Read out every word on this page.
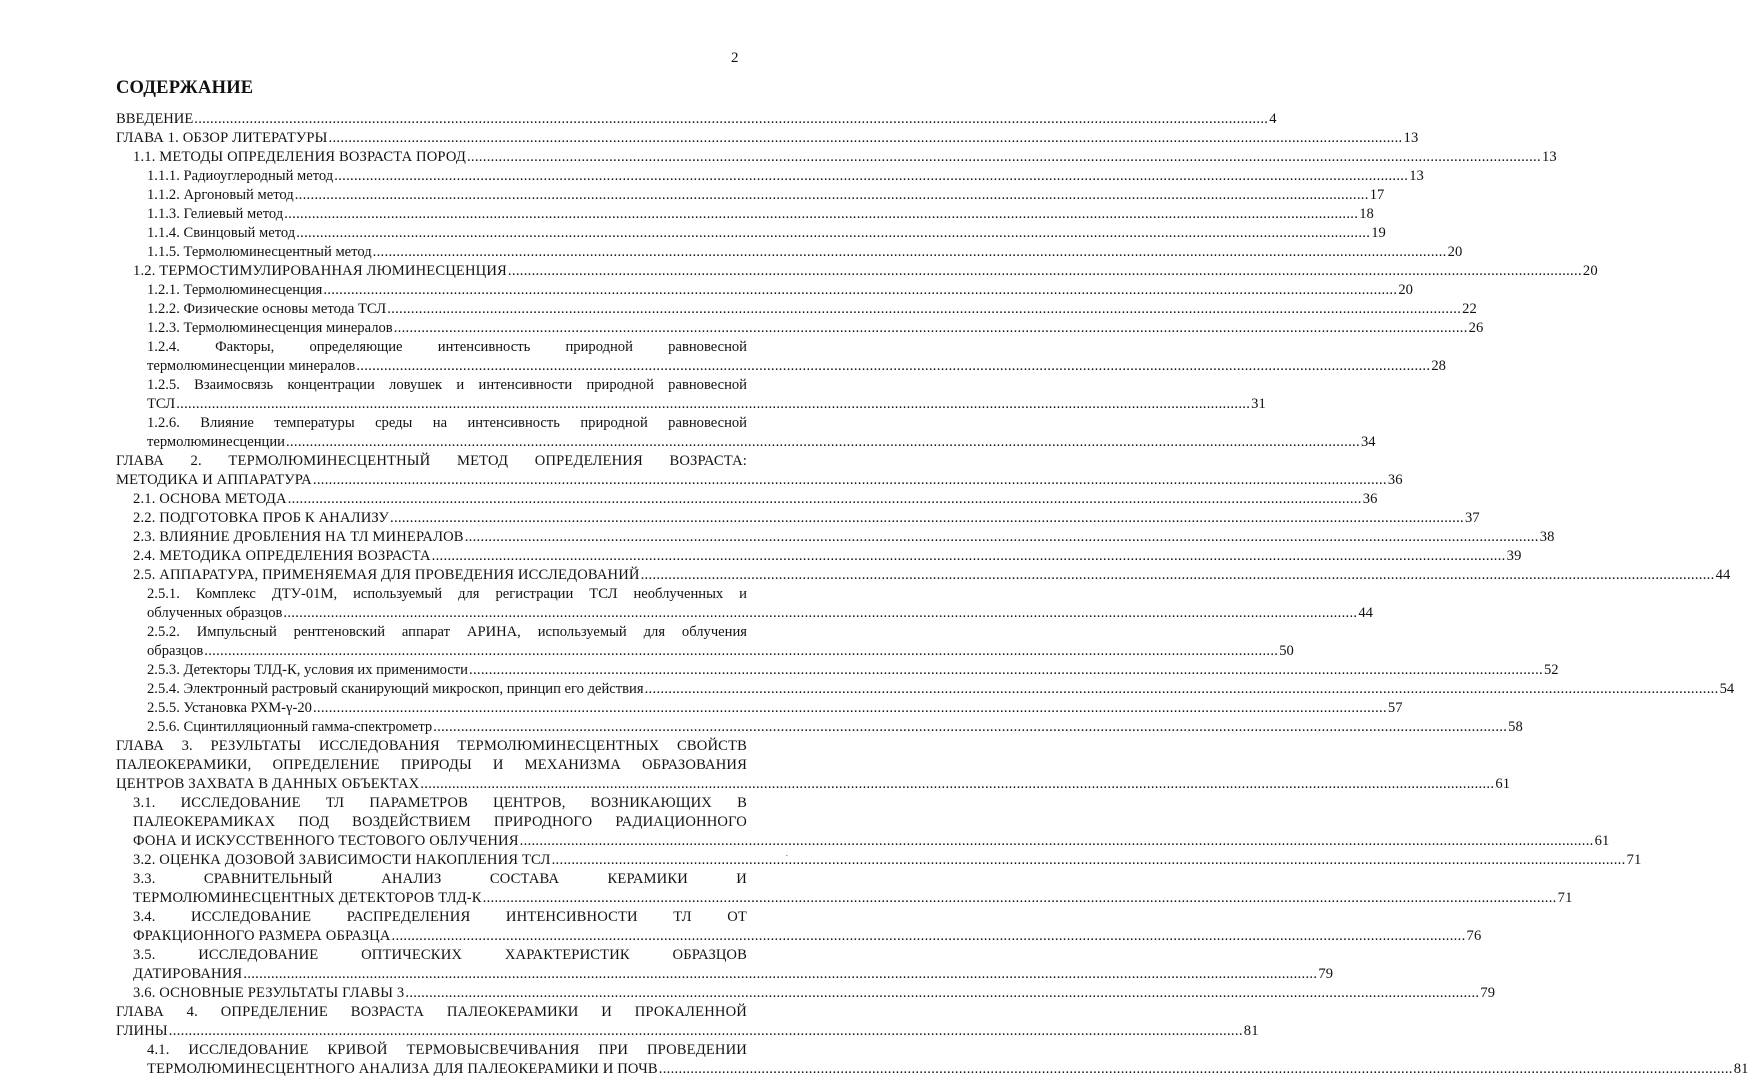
2
СОДЕРЖАНИЕ
ВВЕДЕНИЕ .....	4
ГЛАВА 1. ОБЗОР ЛИТЕРАТУРЫ .....	13
1.1. МЕТОДЫ ОПРЕДЕЛЕНИЯ ВОЗРАСТА ПОРОД .....	13
1.1.1. Радиоуглеродный метод .....	13
1.1.2. Аргоновый метод .....	17
1.1.3. Гелиевый метод .....	18
1.1.4. Свинцовый метод .....	19
1.1.5. Термолюминесцентный метод .....	20
1.2. ТЕРМОСТИМУЛИРОВАННАЯ ЛЮМИНЕСЦЕНЦИЯ .....	20
1.2.1. Термолюминесценция .....	20
1.2.2. Физические основы метода ТСЛ .....	22
1.2.3. Термолюминесценция минералов .....	26
1.2.4. Факторы, определяющие интенсивность природной равновесной
термолюминесценции минералов .....	28
1.2.5. Взаимосвязь концентрации ловушек и интенсивности природной равновесной
ТСЛ .....	31
1.2.6. Влияние температуры среды на интенсивность природной равновесной
термолюминесценции .....	34
ГЛАВА 2. ТЕРМОЛЮМИНЕСЦЕНТНЫЙ МЕТОД ОПРЕДЕЛЕНИЯ ВОЗРАСТА:
МЕТОДИКА И АППАРАТУРА .....	36
2.1. ОСНОВА МЕТОДА .....	36
2.2. ПОДГОТОВКА ПРОБ К АНАЛИЗУ .....	37
2.3. ВЛИЯНИЕ ДРОБЛЕНИЯ НА ТЛ МИНЕРАЛОВ .....	38
2.4. МЕТОДИКА ОПРЕДЕЛЕНИЯ ВОЗРАСТА .....	39
2.5. АППАРАТУРА, ПРИМЕНЯЕМАЯ ДЛЯ ПРОВЕДЕНИЯ ИССЛЕДОВАНИЙ .....	44
2.5.1. Комплекс ДТУ-01М, используемый для регистрации ТСЛ необлученных и
облученных образцов .....	44
2.5.2. Импульсный рентгеновский аппарат АРИНА, используемый для облучения
образцов .....	50
2.5.3. Детекторы ТЛД-К, условия их применимости .....	52
2.5.4. Электронный растровый сканирующий микроскоп, принцип его действия .....	54
2.5.5. Установка РХМ-γ-20 .....	57
2.5.6. Сцинтилляционный гамма-спектрометр .....	58
ГЛАВА 3. РЕЗУЛЬТАТЫ ИССЛЕДОВАНИЯ ТЕРМОЛЮМИНЕСЦЕНТНЫХ СВОЙСТВ ПАЛЕОКЕРАМИКИ, ОПРЕДЕЛЕНИЕ ПРИРОДЫ И МЕХАНИЗМА ОБРАЗОВАНИЯ
ЦЕНТРОВ ЗАХВАТА В ДАННЫХ ОБЪЕКТАХ .....	61
3.1. ИССЛЕДОВАНИЕ ТЛ ПАРАМЕТРОВ ЦЕНТРОВ, ВОЗНИКАЮЩИХ В ПАЛЕОКЕРАМИКАХ ПОД ВОЗДЕЙСТВИЕМ ПРИРОДНОГО РАДИАЦИОННОГО
ФОНА И ИСКУССТВЕННОГО ТЕСТОВОГО ОБЛУЧЕНИЯ .....	61
3.2. ОЦЕНКА ДОЗОВОЙ ЗАВИСИМОСТИ НАКОПЛЕНИЯ ТСЛ .....	71
3.3. СРАВНИТЕЛЬНЫЙ АНАЛИЗ СОСТАВА КЕРАМИКИ И
ТЕРМОЛЮМИНЕСЦЕНТНЫХ ДЕТЕКТОРОВ ТЛД-К .....	71
3.4. ИССЛЕДОВАНИЕ РАСПРЕДЕЛЕНИЯ ИНТЕНСИВНОСТИ ТЛ ОТ
ФРАКЦИОННОГО РАЗМЕРА ОБРАЗЦА .....	76
3.5. ИССЛЕДОВАНИЕ ОПТИЧЕСКИХ ХАРАКТЕРИСТИК ОБРАЗЦОВ
ДАТИРОВАНИЯ .....	79
3.6. ОСНОВНЫЕ РЕЗУЛЬТАТЫ ГЛАВЫ 3 .....	79
ГЛАВА 4. ОПРЕДЕЛЕНИЕ ВОЗРАСТА ПАЛЕОКЕРАМИКИ И ПРОКАЛЕННОЙ
ГЛИНЫ .....	81
4.1. ИССЛЕДОВАНИЕ КРИВОЙ ТЕРМОВЫСВЕЧИВАНИЯ ПРИ ПРОВЕДЕНИИ
ТЕРМОЛЮМИНЕСЦЕНТНОГО АНАЛИЗА ДЛЯ ПАЛЕОКЕРАМИКИ И ПОЧВ .....	81
·
